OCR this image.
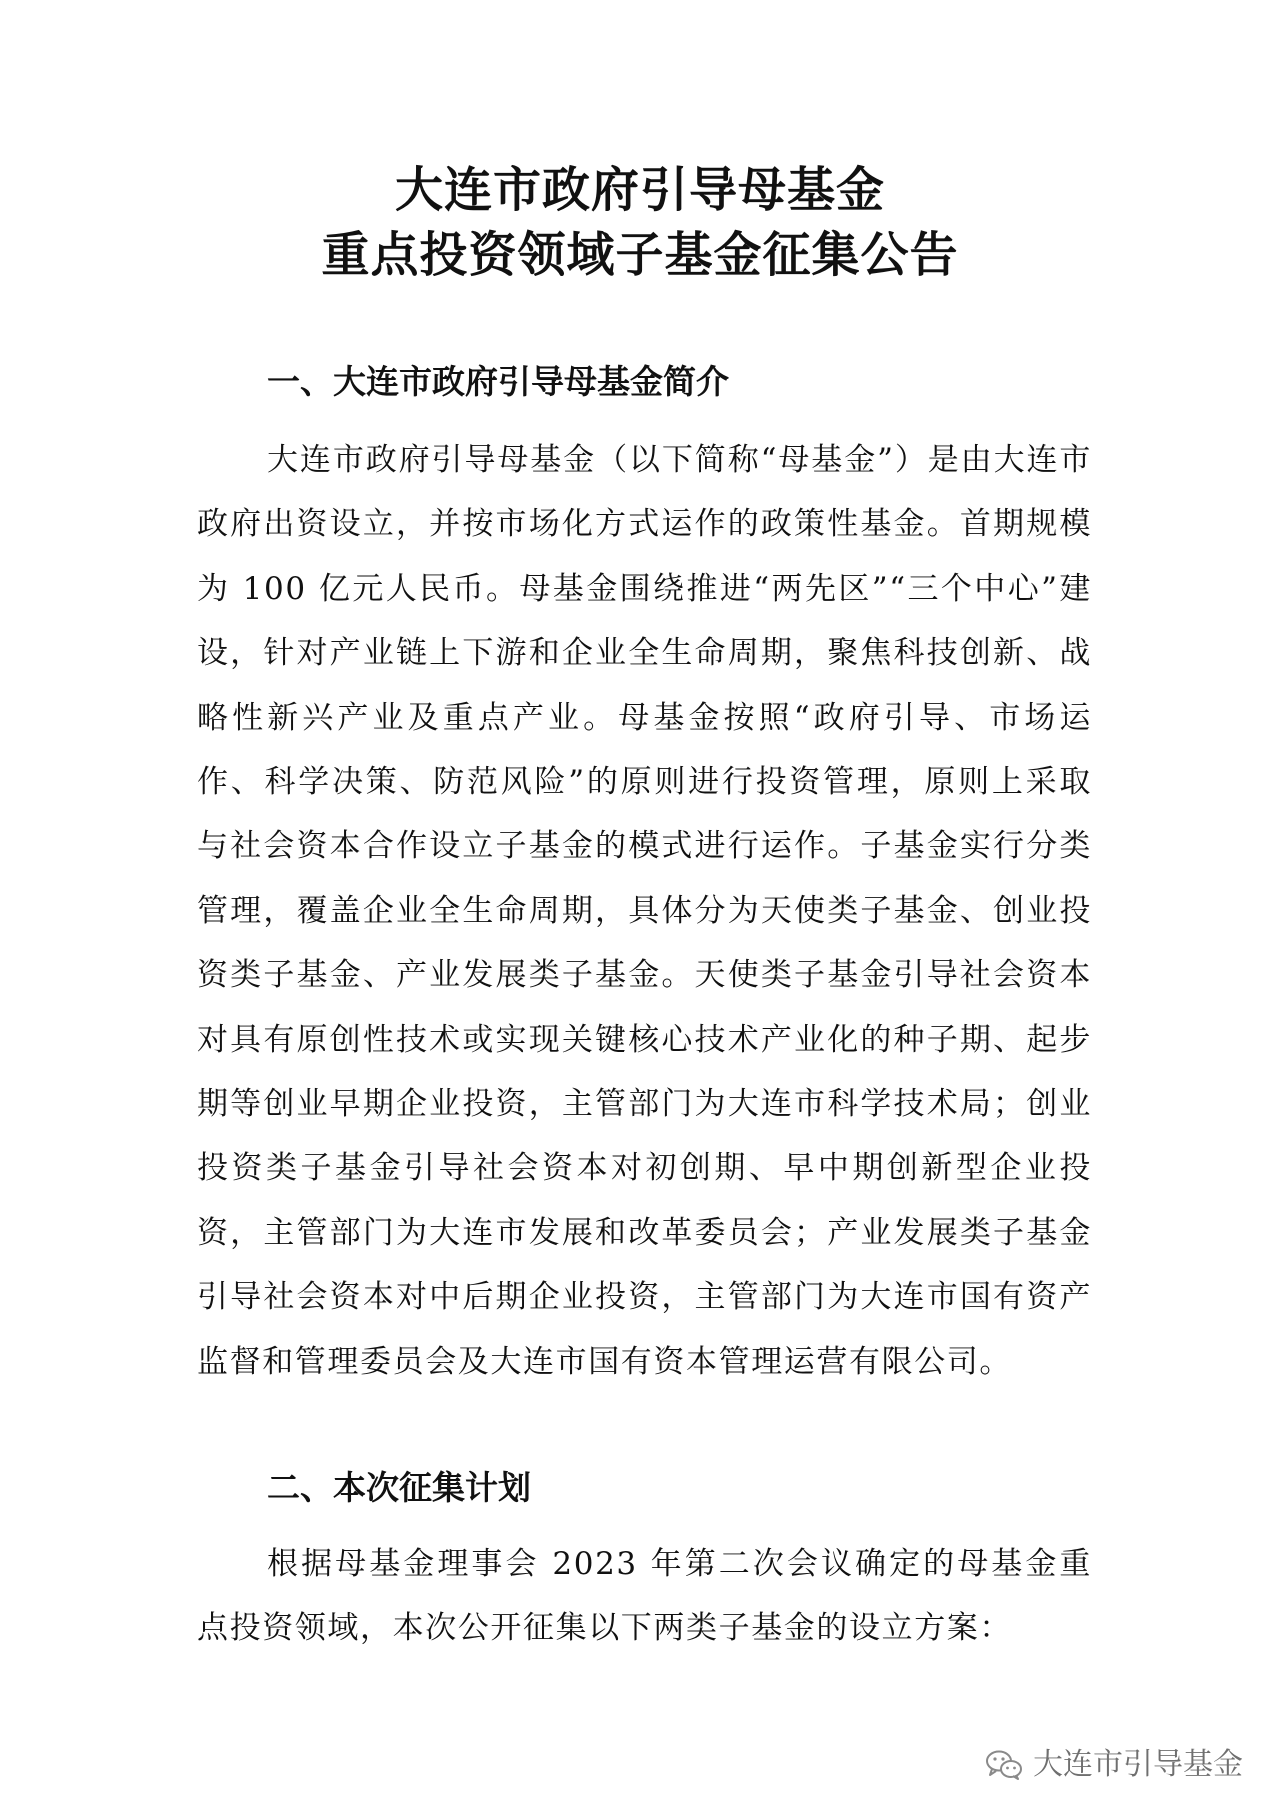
大连市政府引导母基金
重点投资领域子基金征集公告
一、大连市政府引导母基金简介

大连市政府引导母基金（以下简称“母基金”）是由大连市政府出资设立，并按市场化方式运作的政策性基金。首期规模为 100 亿元人民币。母基金围绕推进“两先区”“三个中心”建设，针对产业链上下游和企业全生命周期，聚焦科技创新、战略性新兴产业及重点产业。母基金按照“政府引导、市场运作、科学决策、防范风险”的原则进行投资管理，原则上采取与社会资本合作设立子基金的模式进行运作。子基金实行分类管理，覆盖企业全生命周期，具体分为天使类子基金、创业投资类子基金、产业发展类子基金。天使类子基金引导社会资本对具有原创性技术或实现关键核心技术产业化的种子期、起步期等创业早期企业投资，主管部门为大连市科学技术局；创业投资类子基金引导社会资本对初创期、早中期创新型企业投资，主管部门为大连市发展和改革委员会；产业发展类子基金引导社会资本对中后期企业投资，主管部门为大连市国有资产监督和管理委员会及大连市国有资本管理运营有限公司。

二、本次征集计划

根据母基金理事会 2023 年第二次会议确定的母基金重点投资领域，本次公开征集以下两类子基金的设立方案：

大连市引导基金
